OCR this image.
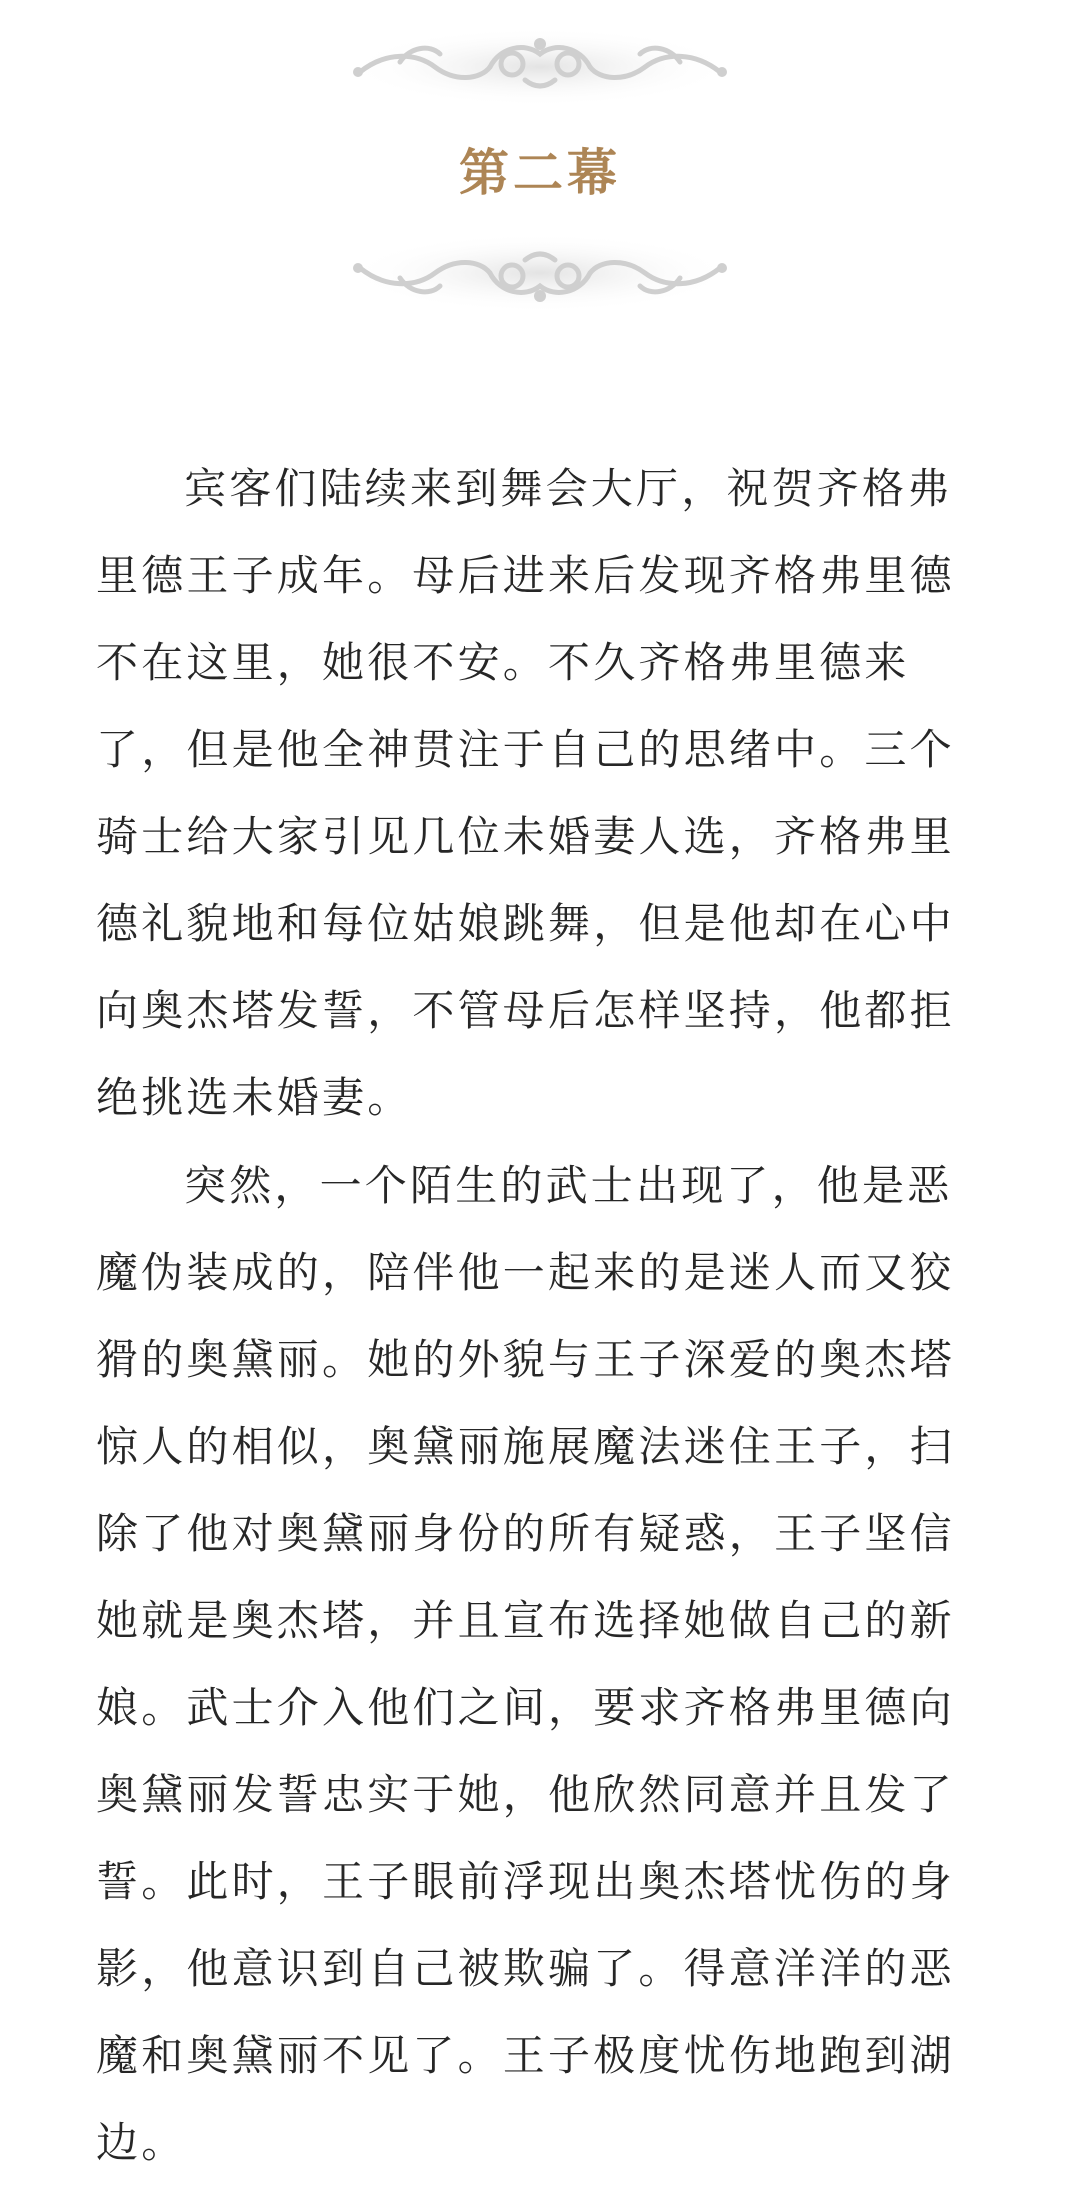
第二幕

宾客们陆续来到舞会大厅，祝贺齐格弗里德王子成年。母后进来后发现齐格弗里德不在这里，她很不安。不久齐格弗里德来了，但是他全神贯注于自己的思绪中。三个骑士给大家引见几位未婚妻人选，齐格弗里德礼貌地和每位姑娘跳舞，但是他却在心中向奥杰塔发誓，不管母后怎样坚持，他都拒绝挑选未婚妻。

突然，一个陌生的武士出现了，他是恶魔伪装成的，陪伴他一起来的是迷人而又狡猾的奥黛丽。她的外貌与王子深爱的奥杰塔惊人的相似，奥黛丽施展魔法迷住王子，扫除了他对奥黛丽身份的所有疑惑，王子坚信她就是奥杰塔，并且宣布选择她做自己的新娘。武士介入他们之间，要求齐格弗里德向奥黛丽发誓忠实于她，他欣然同意并且发了誓。此时，王子眼前浮现出奥杰塔忧伤的身影，他意识到自己被欺骗了。得意洋洋的恶魔和奥黛丽不见了。王子极度忧伤地跑到湖边。
